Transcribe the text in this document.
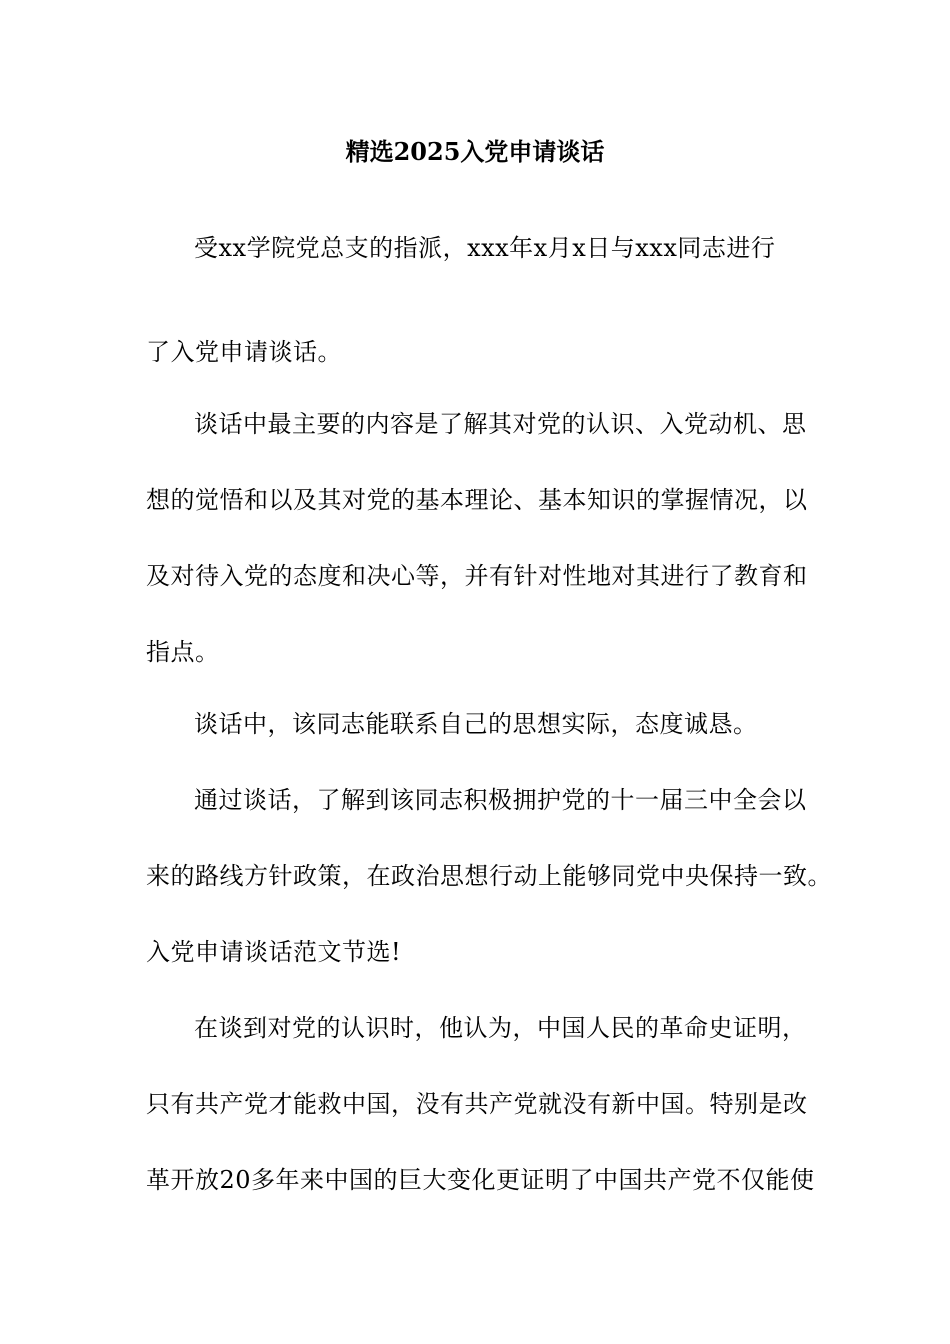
精选2025入党申请谈话
受xx学院党总支的指派，xxx年x月x日与xxx同志进行
了入党申请谈话。
谈话中最主要的内容是了解其对党的认识、入党动机、思
想的觉悟和以及其对党的基本理论、基本知识的掌握情况，以
及对待入党的态度和决心等，并有针对性地对其进行了教育和
指点。
谈话中，该同志能联系自己的思想实际，态度诚恳。
通过谈话，了解到该同志积极拥护党的十一届三中全会以
来的路线方针政策，在政治思想行动上能够同党中央保持一致。
入党申请谈话范文节选!
在谈到对党的认识时，他认为，中国人民的革命史证明，
只有共产党才能救中国，没有共产党就没有新中国。特别是改
革开放20多年来中国的巨大变化更证明了中国共产党不仅能使
